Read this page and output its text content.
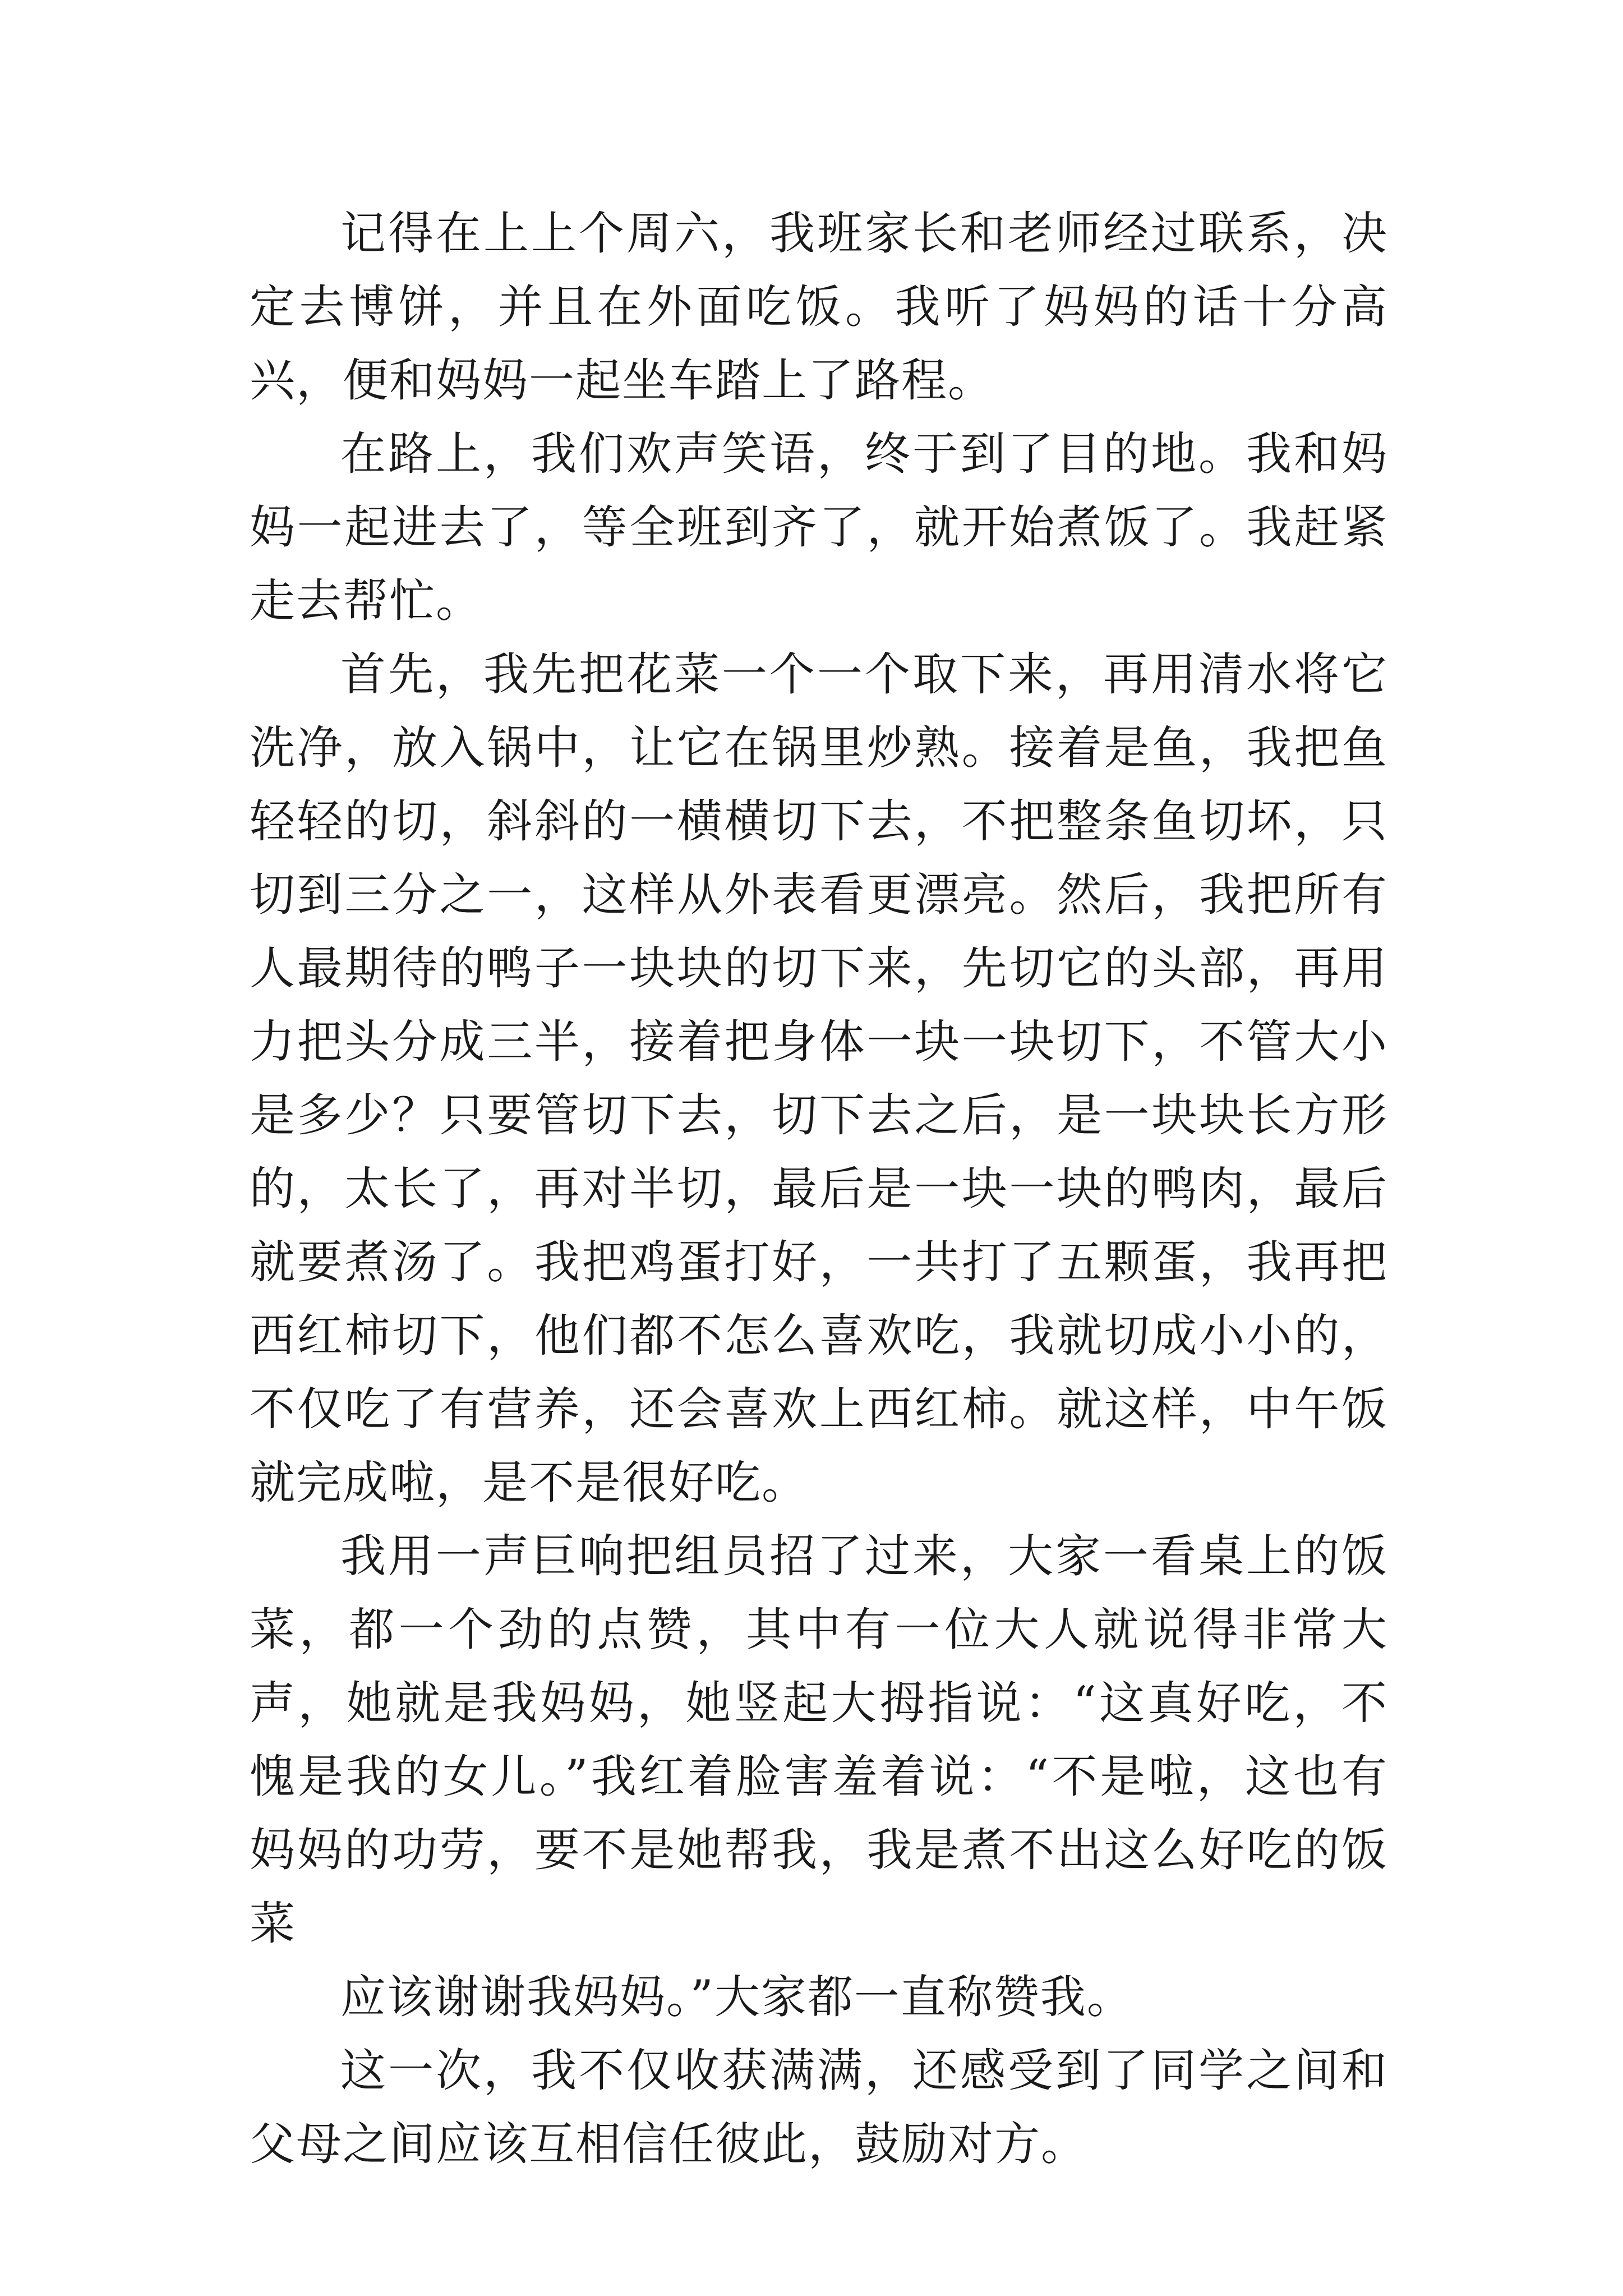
记得在上上个周六，我班家长和老师经过联系，决定去博饼，并且在外面吃饭。我听了妈妈的话十分高兴，便和妈妈一起坐车踏上了路程。

在路上，我们欢声笑语，终于到了目的地。我和妈妈一起进去了，等全班到齐了，就开始煮饭了。我赶紧走去帮忙。

首先，我先把花菜一个一个取下来，再用清水将它洗净，放入锅中，让它在锅里炒熟。接着是鱼，我把鱼轻轻的切，斜斜的一横横切下去，不把整条鱼切坏，只切到三分之一，这样从外表看更漂亮。然后，我把所有人最期待的鸭子一块块的切下来，先切它的头部，再用力把头分成三半，接着把身体一块一块切下，不管大小是多少？只要管切下去，切下去之后，是一块块长方形的，太长了，再对半切，最后是一块一块的鸭肉，最后就要煮汤了。我把鸡蛋打好，一共打了五颗蛋，我再把西红柿切下，他们都不怎么喜欢吃，我就切成小小的，不仅吃了有营养，还会喜欢上西红柿。就这样，中午饭就完成啦，是不是很好吃。

我用一声巨响把组员招了过来，大家一看桌上的饭菜，都一个劲的点赞，其中有一位大人就说得非常大声，她就是我妈妈，她竖起大拇指说：“这真好吃，不愧是我的女儿。”我红着脸害羞着说：“不是啦，这也有妈妈的功劳，要不是她帮我，我是煮不出这么好吃的饭菜

应该谢谢我妈妈。”大家都一直称赞我。

这一次，我不仅收获满满，还感受到了同学之间和父母之间应该互相信任彼此，鼓励对方。
